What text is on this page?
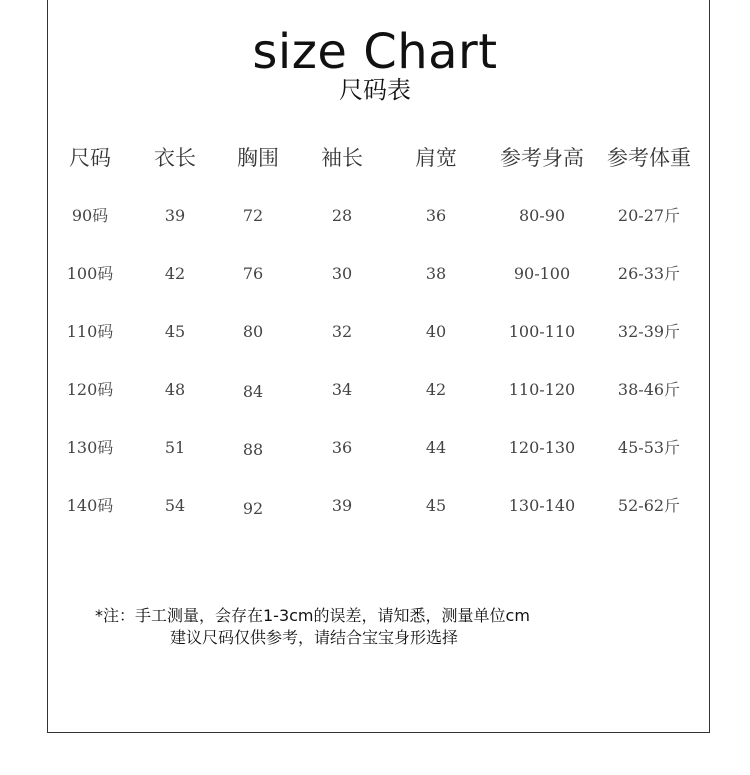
size Chart
尺码表
尺码	衣长	胸围	袖长	肩宽	参考身高	参考体重
90码	39	72	28	36	80-90	20-27斤
100码	42	76	30	38	90-100	26-33斤
110码	45	80	32	40	100-110	32-39斤
120码	48	84	34	42	110-120	38-46斤
130码	51	88	36	44	120-130	45-53斤
140码	54	92	39	45	130-140	52-62斤
*注：手工测量，会存在1-3cm的误差，请知悉，测量单位cm
建议尺码仅供参考，请结合宝宝身形选择
